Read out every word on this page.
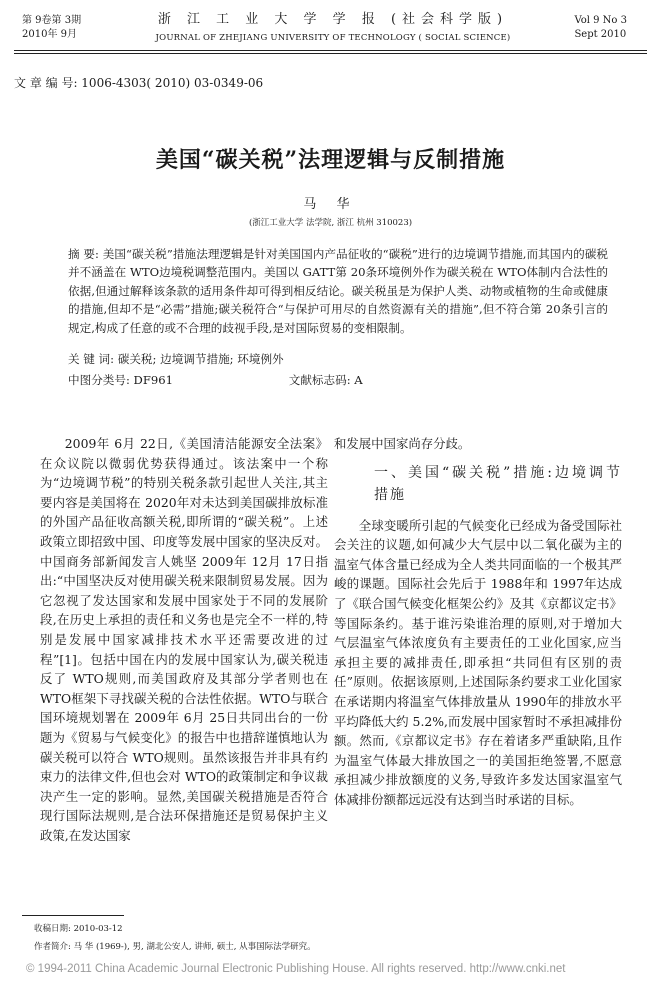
第 9卷第 3期
2010年 9月
浙 江 工 业 大 学 学 报 (社会科学版)
JOURNAL OF ZHEJIANG UNIVERSITY OF TECHNOLOGY ( SOCIAL SCIENCE)
Vol 9 No 3
Sept 2010
文 章 编 号: 1006-4303( 2010) 03-0349-06
美国“碳关税”法理逻辑与反制措施
马 华
(浙江工业大学 法学院, 浙江 杭州 310023)
摘 要: 美国“碳关税”措施法理逻辑是针对美国国内产品征收的“碳税”进行的边境调节措施,而其国内的碳税并不涵盖在 WTO边境税调整范围内。美国以 GATT第 20条环境例外作为碳关税在 WTO体制内合法性的依据,但通过解释该条款的适用条件却可得到相反结论。碳关税虽是为保护人类、动物或植物的生命或健康的措施,但却不是“必需”措施;碳关税符合“与保护可用尽的自然资源有关的措施”,但不符合第 20条引言的规定,构成了任意的或不合理的歧视手段,是对国际贸易的变相限制。
关 键 词: 碳关税; 边境调节措施; 环境例外
中图分类号: DF961	文献标志码: A

2009年 6月 22日,《美国清洁能源安全法案》在众议院以微弱优势获得通过。该法案中一个称为“边境调节税”的特别关税条款引起世人关注,其主要内容是美国将在 2020年对未达到美国碳排放标准的外国产品征收高额关税,即所谓的“碳关税”。上述政策立即招致中国、印度等发展中国家的坚决反对。中国商务部新闻发言人姚坚 2009年 12月 17日指出:“中国坚决反对使用碳关税来限制贸易发展。因为它忽视了发达国家和发展中国家处于不同的发展阶段,在历史上承担的责任和义务也是完全不一样的,特别是发展中国家减排技术水平还需要改进的过程”[1]。包括中国在内的发展中国家认为,碳关税违反了 WTO规则,而美国政府及其部分学者则也在 WTO框架下寻找碳关税的合法性依据。WTO与联合国环境规划署在 2009年 6月 25日共同出台的一份题为《贸易与气候变化》的报告中也措辞谨慎地认为碳关税可以符合 WTO规则。虽然该报告并非具有约束力的法律文件,但也会对 WTO的政策制定和争议裁决产生一定的影响。显然,美国碳关税措施是否符合现行国际法规则,是合法环保措施还是贸易保护主义政策,在发达国家

和发展中国家尚存分歧。

一、美国“碳关税”措施:边境调节措施

全球变暖所引起的气候变化已经成为备受国际社会关注的议题,如何减少大气层中以二氧化碳为主的温室气体含量已经成为全人类共同面临的一个极其严峻的课题。国际社会先后于 1988年和 1997年达成了《联合国气候变化框架公约》及其《京都议定书》等国际条约。基于谁污染谁治理的原则,对于增加大气层温室气体浓度负有主要责任的工业化国家,应当承担主要的减排责任,即承担“共同但有区别的责任”原则。依据该原则,上述国际条约要求工业化国家在承诺期内将温室气体排放量从 1990年的排放水平平均降低大约 5.2%,而发展中国家暂时不承担减排份额。然而,《京都议定书》存在着诸多严重缺陷,且作为温室气体最大排放国之一的美国拒绝签署,不愿意承担减少排放额度的义务,导致许多发达国家温室气体减排份额都远远没有达到当时承诺的目标。

收稿日期: 2010-03-12
作者简介: 马 华 (1969-), 男, 湖北公安人, 讲师, 硕士, 从事国际法学研究。
© 1994-2011 China Academic Journal Electronic Publishing House. All rights reserved. http://www.cnki.net
